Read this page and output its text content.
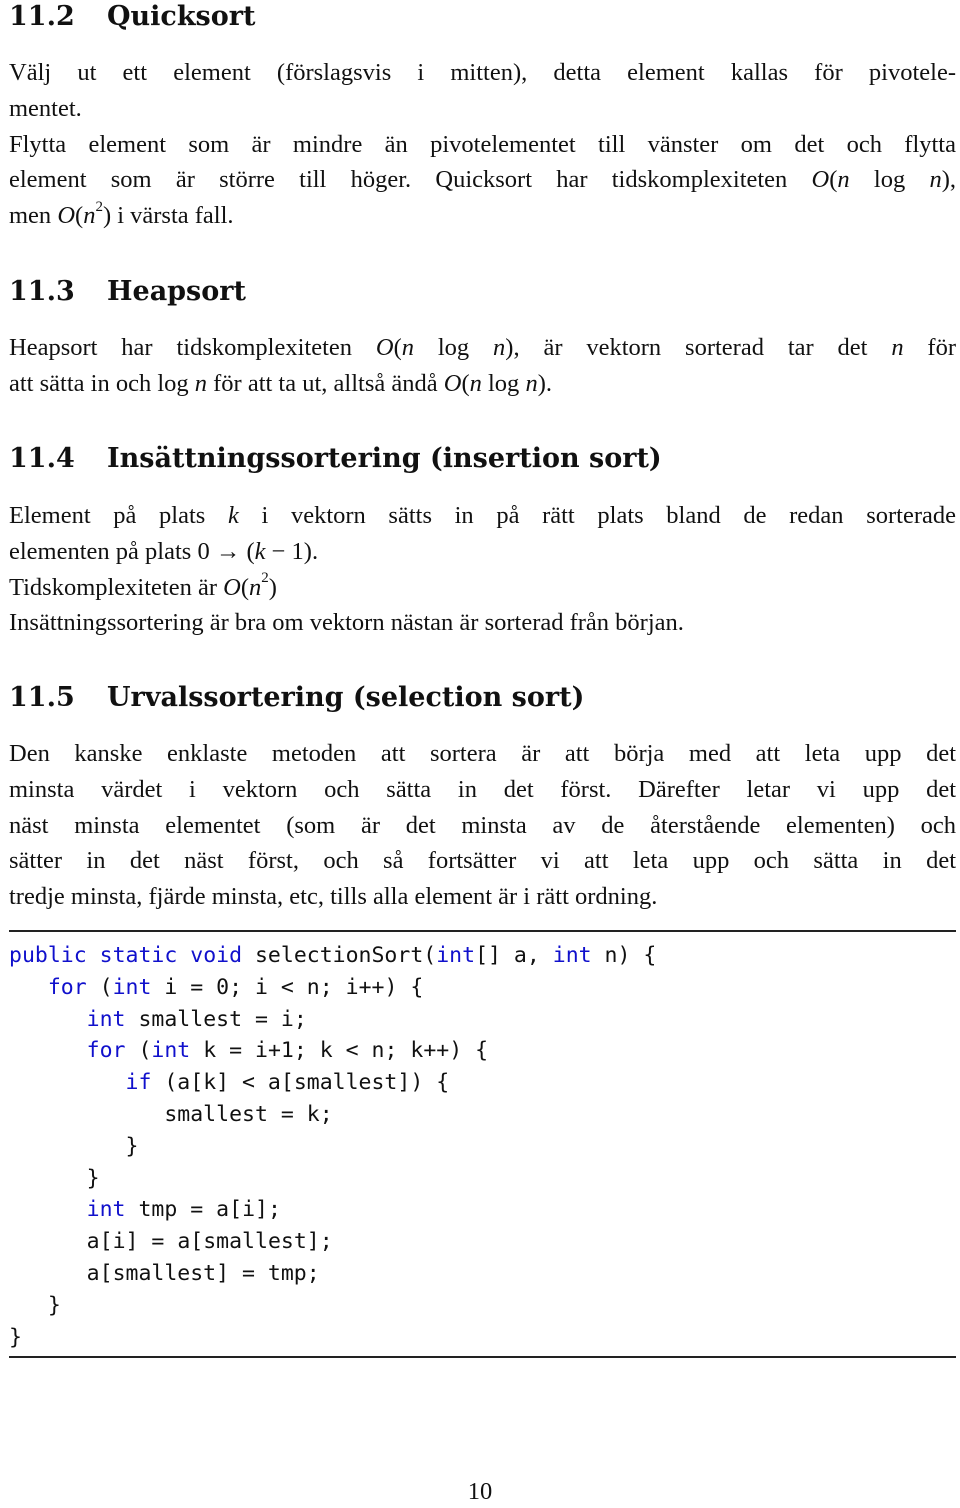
11.2 Quicksort
Välj ut ett element (förslagsvis i mitten), detta element kallas för pivotele-
mentet.
Flytta element som är mindre än pivotelementet till vänster om det och flytta
element som är större till höger. Quicksort har tidskomplexiteten O(n log n),
men $O(n^2)$ i värsta fall.
11.3 Heapsort
Heapsort har tidskomplexiteten O(n log n), är vektorn sorterad tar det n för
att sätta in och log n för att ta ut, alltså ändå O(n log n).
11.4 Insättningssortering (insertion sort)
Element på plats k i vektorn sätts in på rätt plats bland de redan sorterade
elementen på plats 0 → (k − 1).
Tidskomplexiteten är $O(n^2)$
Insättningssortering är bra om vektorn nästan är sorterad från början.
11.5 Urvalssortering (selection sort)
Den kanske enklaste metoden att sortera är att börja med att leta upp det
minsta värdet i vektorn och sätta in det först. Därefter letar vi upp det
näst minsta elementet (som är det minsta av de återstående elementen) och
sätter in det näst först, och så fortsätter vi att leta upp och sätta in det
tredje minsta, fjärde minsta, etc, tills alla element är i rätt ordning.
public static void selectionSort(int[] a, int n) {
for (int i = 0; i < n; i++) {
int smallest = i;
for (int k = i+1; k < n; k++) {
if (a[k] < a[smallest]) {
smallest = k;
}
}
int tmp = a[i];
a[i] = a[smallest];
a[smallest] = tmp;
}
}
10
